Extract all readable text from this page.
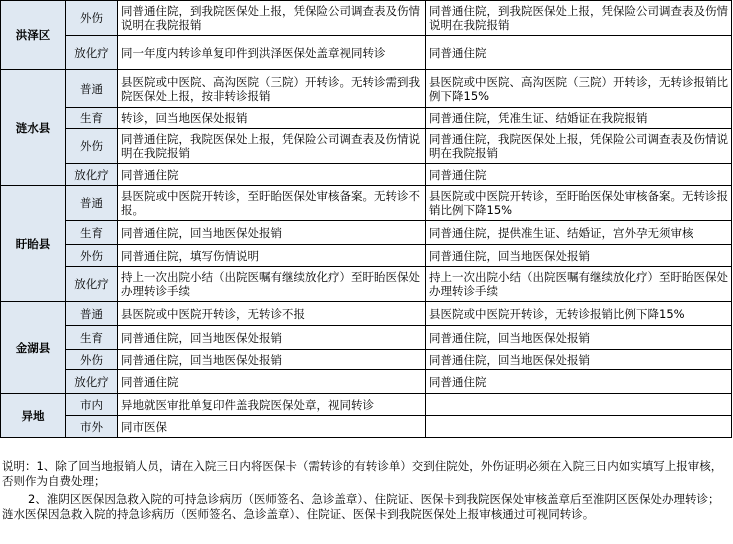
洪泽区	外伤	同普通住院，到我院医保处上报，凭保险公司调查表及伤情说明在我院报销	同普通住院，到我院医保处上报，凭保险公司调查表及伤情说明在我院报销
	放化疗	同一年度内转诊单复印件到洪泽医保处盖章视同转诊	同普通住院
涟水县	普通	县医院或中医院、高沟医院（三院）开转诊。无转诊需到我院医保处上报，按非转诊报销	县医院或中医院、高沟医院（三院）开转诊，无转诊报销比例下降15%
	生育	转诊，回当地医保处报销	同普通住院，凭准生证、结婚证在我院报销
	外伤	同普通住院，我院医保处上报，凭保险公司调查表及伤情说明在我院报销	同普通住院，我院医保处上报，凭保险公司调查表及伤情说明在我院报销
	放化疗	同普通住院	同普通住院
盱眙县	普通	县医院或中医院开转诊，至盱眙医保处审核备案。无转诊不报。	县医院或中医院开转诊，至盱眙医保处审核备案。无转诊报销比例下降15%
	生育	同普通住院，回当地医保处报销	同普通住院，提供准生证、结婚证，宫外孕无须审核
	外伤	同普通住院，填写伤情说明	同普通住院，回当地医保处报销
	放化疗	持上一次出院小结（出院医嘱有继续放化疗）至盱眙医保处办理转诊手续	持上一次出院小结（出院医嘱有继续放化疗）至盱眙医保处办理转诊手续
金湖县	普通	县医院或中医院开转诊，无转诊不报	县医院或中医院开转诊，无转诊报销比例下降15%
	生育	同普通住院，回当地医保处报销	同普通住院，回当地医保处报销
	外伤	同普通住院，回当地医保处报销	同普通住院，回当地医保处报销
	放化疗	同普通住院	同普通住院
异地	市内	异地就医审批单复印件盖我院医保处章，视同转诊	
	市外	同市医保	

说明：1、除了回当地报销人员，请在入院三日内将医保卡（需转诊的有转诊单）交到住院处，外伤证明必须在入院三日内如实填写上报审核， 否则作为自费处理；

2、淮阴区医保因急救入院的可持急诊病历（医师签名、急诊盖章）、住院证、医保卡到我院医保处审核盖章后至淮阴区医保处办理转诊；涟水医保因急救入院的持急诊病历（医师签名、急诊盖章）、住院证、医保卡到我院医保处上报审核通过可视同转诊。
